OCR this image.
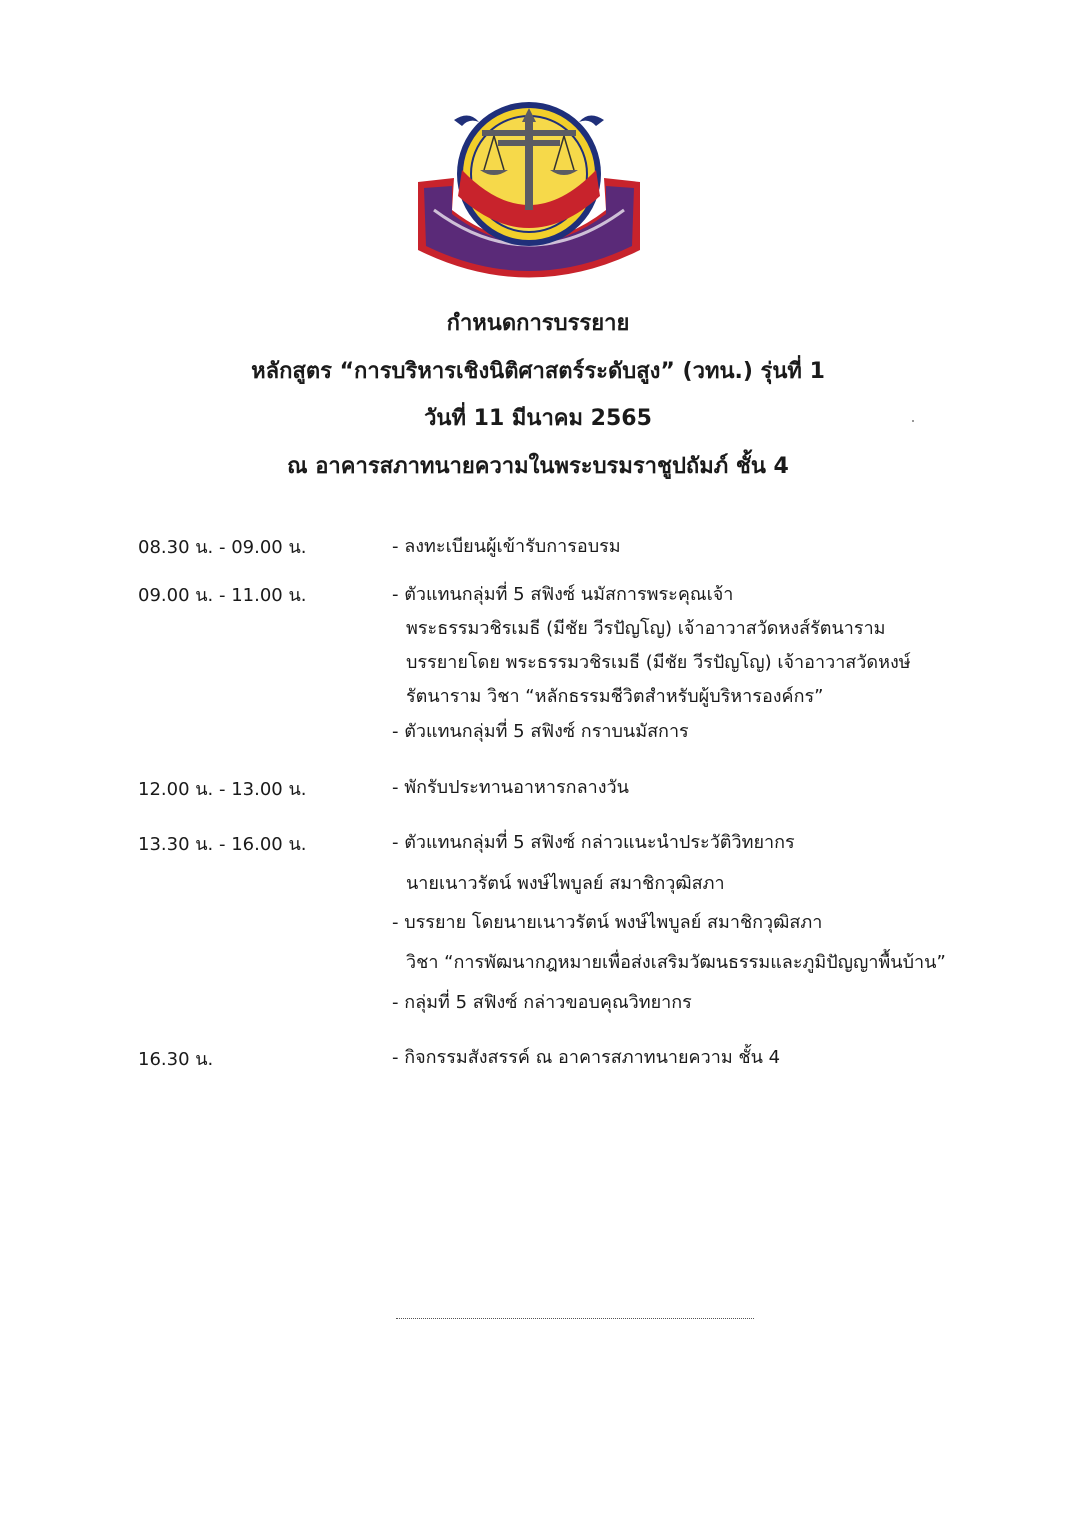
กำหนดการบรรยาย
หลักสูตร “การบริหารเชิงนิติศาสตร์ระดับสูง” (วทน.) รุ่นที่ 1
วันที่ 11 มีนาคม 2565
ณ อาคารสภาทนายความในพระบรมราชูปถัมภ์ ชั้น 4
08.30 น. - 09.00 น.	- ลงทะเบียนผู้เข้ารับการอบรม
09.00 น. - 11.00 น.	- ตัวแทนกลุ่มที่ 5 สฟิงซ์ นมัสการพระคุณเจ้า
พระธรรมวชิรเมธี (มีชัย วีรปัญโญ) เจ้าอาวาสวัดหงส์รัตนาราม
บรรยายโดย พระธรรมวชิรเมธี (มีชัย วีรปัญโญ) เจ้าอาวาสวัดหงษ์
รัตนาราม วิชา “หลักธรรมชีวิตสำหรับผู้บริหารองค์กร”
- ตัวแทนกลุ่มที่ 5 สฟิงซ์ กราบนมัสการ
12.00 น. - 13.00 น.	- พักรับประทานอาหารกลางวัน
13.30 น. - 16.00 น.	- ตัวแทนกลุ่มที่ 5 สฟิงซ์ กล่าวแนะนำประวัติวิทยากร
นายเนาวรัตน์ พงษ์ไพบูลย์ สมาชิกวุฒิสภา
- บรรยาย โดยนายเนาวรัตน์ พงษ์ไพบูลย์ สมาชิกวุฒิสภา
วิชา “การพัฒนากฎหมายเพื่อส่งเสริมวัฒนธรรมและภูมิปัญญาพื้นบ้าน”
- กลุ่มที่ 5 สฟิงซ์ กล่าวขอบคุณวิทยากร
16.30 น.	- กิจกรรมสังสรรค์ ณ อาคารสภาทนายความ ชั้น 4
